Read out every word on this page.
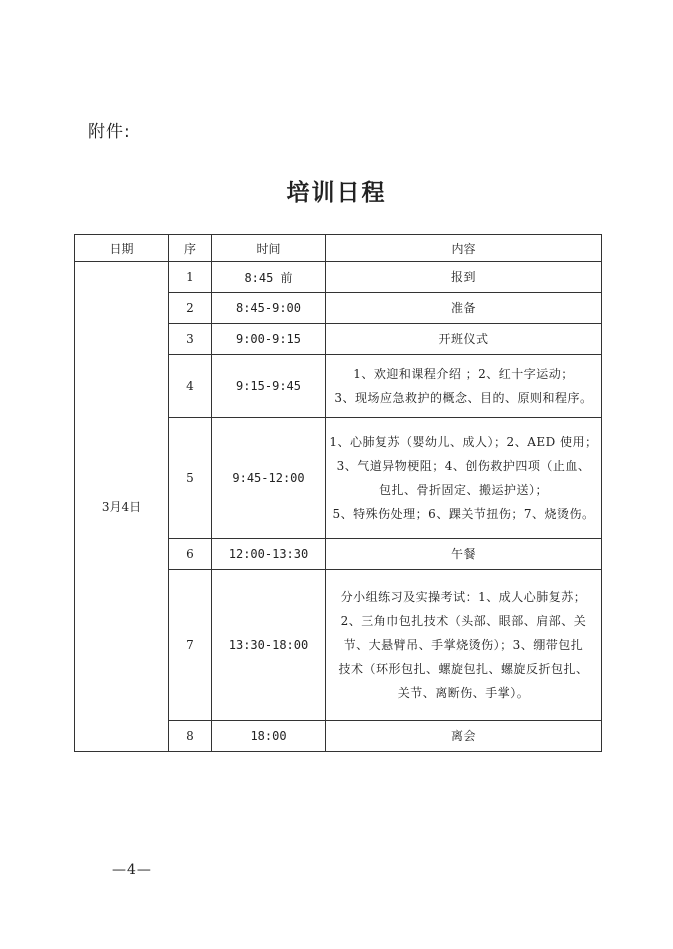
附件:
培训日程
日期	序	时间	内容
3月4日	1	8:45 前	报到

	2	8:45-9:00	准备

	3	9:00-9:15	开班仪式

	4	9:15-9:45	1、欢迎和课程介绍 ；2、红十字运动；
3、现场应急救护的概念、目的、原则和程序。

	5	9:45-12:00	1、心肺复苏（婴幼儿、成人）；2、AED 使用；
3、气道异物梗阻；4、创伤救护四项（止血、
包扎、骨折固定、搬运护送）；
5、特殊伤处理；6、踝关节扭伤；7、烧烫伤。

	6	12:00-13:30	午餐

	7	13:30-18:00	分小组练习及实操考试：1、成人心肺复苏；
2、三角巾包扎技术（头部、眼部、肩部、关
节、大悬臂吊、手掌烧烫伤）；3、绷带包扎
技术（环形包扎、螺旋包扎、螺旋反折包扎、
关节、离断伤、手掌）。

	8	18:00	离会
—4—
